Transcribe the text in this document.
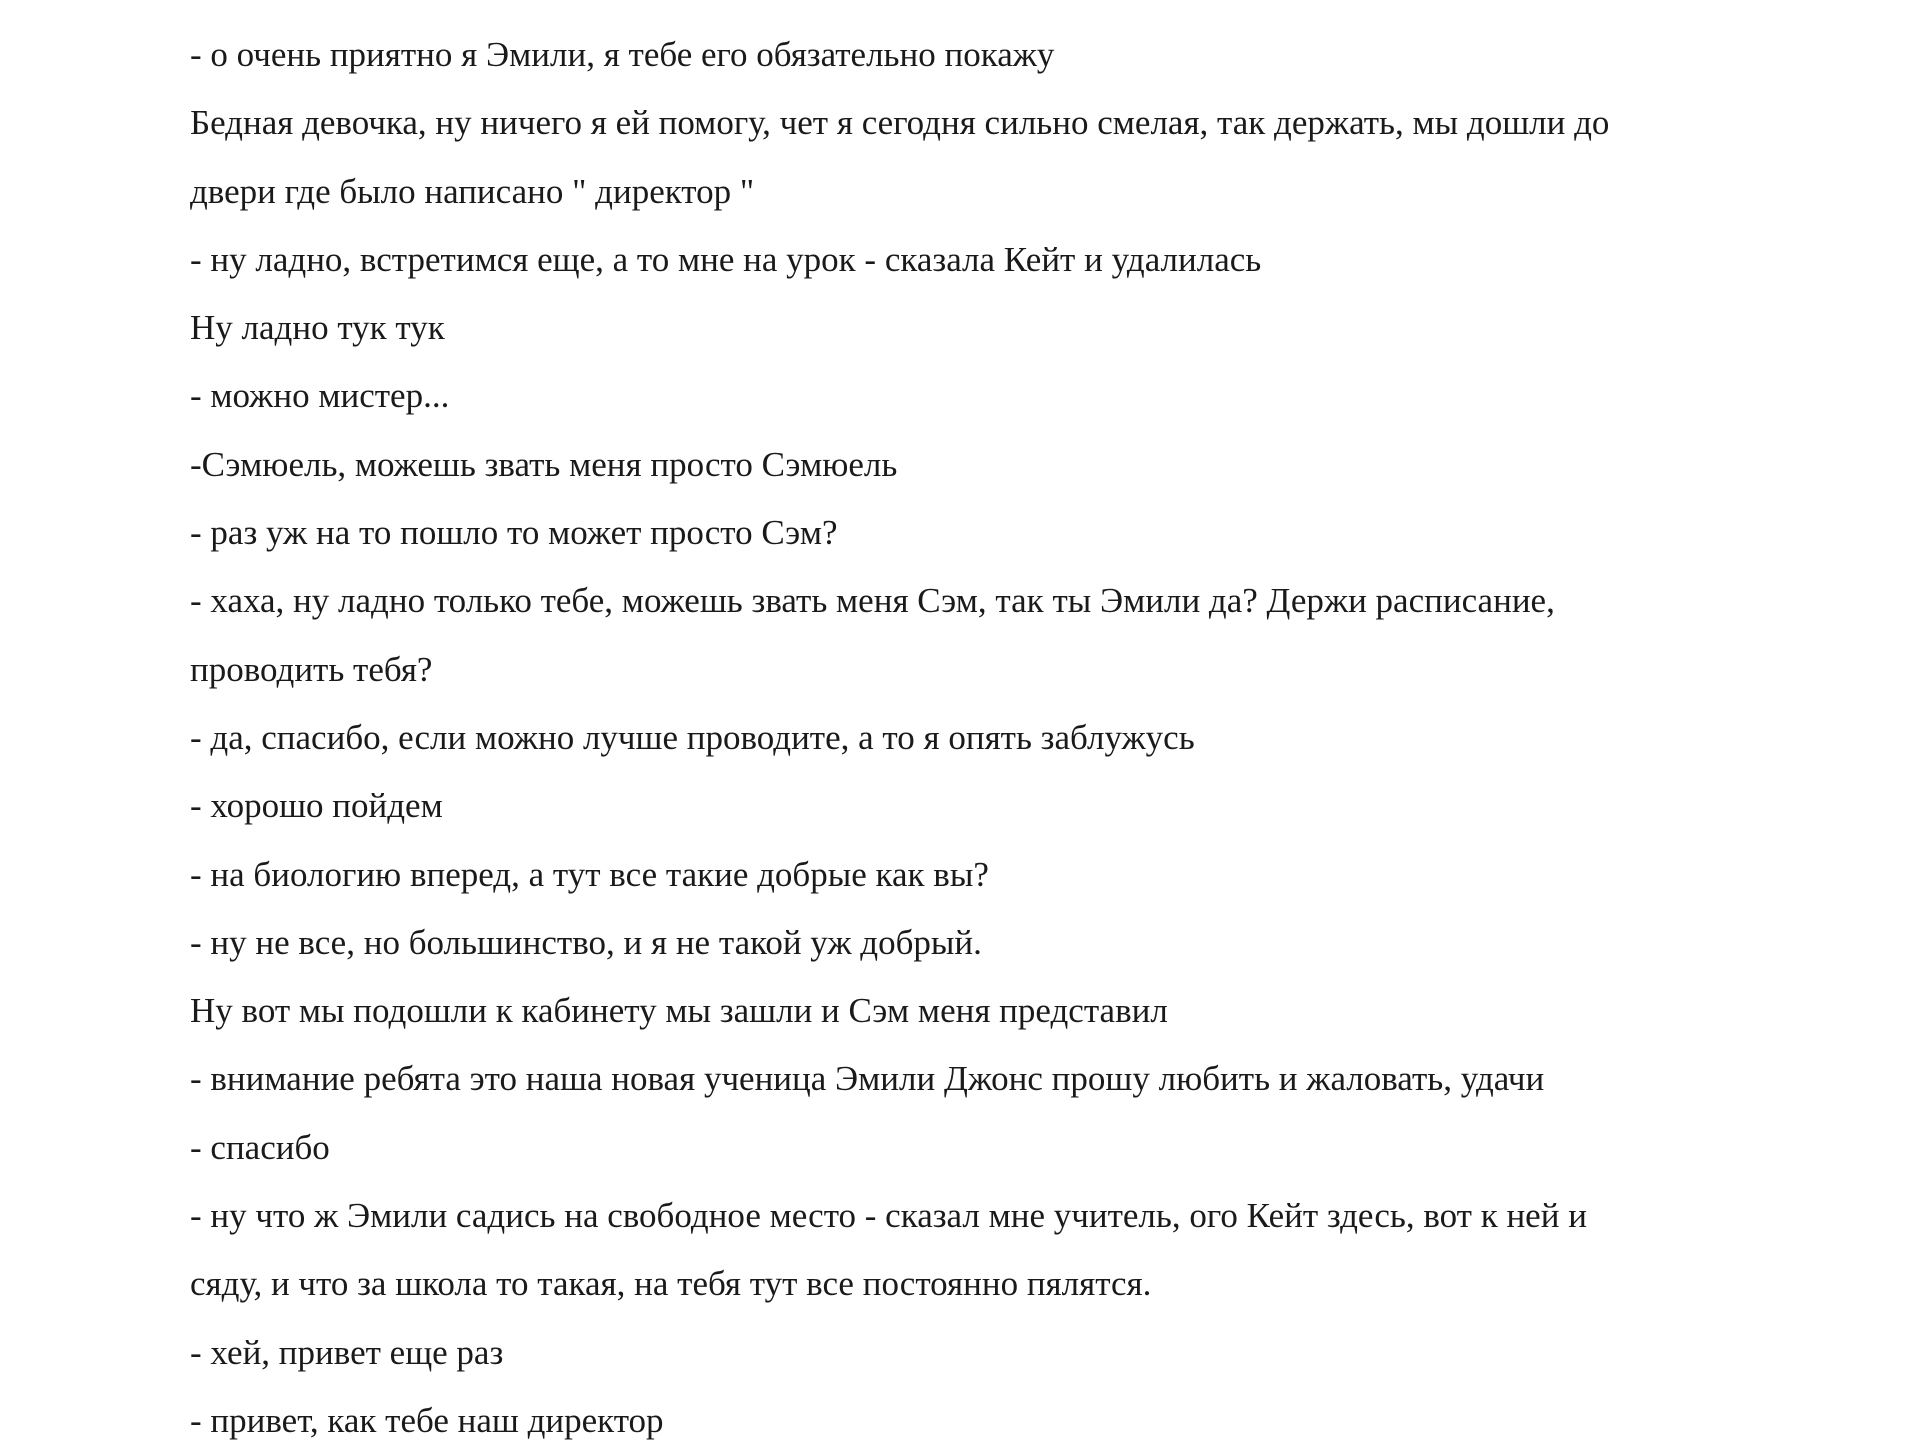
- о очень приятно я Эмили, я тебе его обязательно покажу
Бедная девочка, ну ничего я ей помогу, чет я сегодня сильно смелая, так держать, мы дошли до
двери где было написано " директор "
- ну ладно, встретимся еще, а то мне на урок - сказала Кейт и удалилась
Ну ладно тук тук
- можно мистер...
-Сэмюель, можешь звать меня просто Сэмюель
- раз уж на то пошло то может просто Сэм?
- хаха, ну ладно только тебе, можешь звать меня Сэм, так ты Эмили да? Держи расписание,
проводить тебя?
- да, спасибо, если можно лучше проводите, а то я опять заблужусь
- хорошо пойдем
- на биологию вперед, а тут все такие добрые как вы?
- ну не все, но большинство, и я не такой уж добрый.
Ну вот мы подошли к кабинету мы зашли и Сэм меня представил
- внимание ребята это наша новая ученица Эмили Джонс прошу любить и жаловать, удачи
- спасибо
- ну что ж Эмили садись на свободное место - сказал мне учитель, ого Кейт здесь, вот к ней и
сяду, и что за школа то такая, на тебя тут все постоянно пялятся.
- хей, привет еще раз
- привет, как тебе наш директор
